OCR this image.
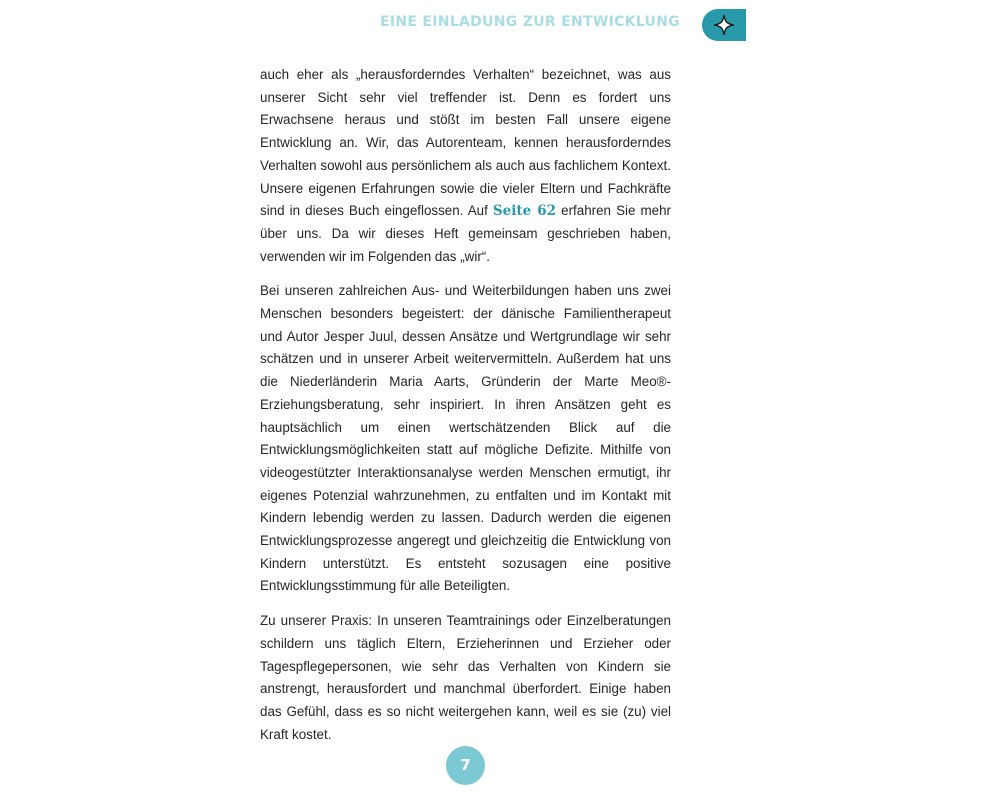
EINE EINLADUNG ZUR ENTWICKLUNG

auch eher als „herausforderndes Verhalten“ bezeichnet, was aus unserer Sicht sehr viel treffender ist. Denn es fordert uns Erwachsene heraus und stößt im besten Fall unsere eigene Entwicklung an. Wir, das Autorenteam, kennen herausforderndes Verhalten sowohl aus persönlichem als auch aus fachlichem Kontext. Unsere eigenen Erfahrungen sowie die vieler Eltern und Fachkräfte sind in dieses Buch eingeflossen. Auf Seite 62 erfahren Sie mehr über uns. Da wir dieses Heft gemeinsam geschrieben haben, verwenden wir im Folgenden das „wir“.

Bei unseren zahlreichen Aus- und Weiterbildungen haben uns zwei Menschen besonders begeistert: der dänische Familientherapeut und Autor Jesper Juul, dessen Ansätze und Wertgrundlage wir sehr schätzen und in unserer Arbeit weitervermitteln. Außerdem hat uns die Niederländerin Maria Aarts, Gründerin der Marte Meo®-Erziehungsberatung, sehr inspiriert. In ihren Ansätzen geht es hauptsächlich um einen wertschätzenden Blick auf die Entwicklungsmöglichkeiten statt auf mögliche Defizite. Mithilfe von videogestützter Interaktionsanalyse werden Menschen ermutigt, ihr eigenes Potenzial wahrzunehmen, zu entfalten und im Kontakt mit Kindern lebendig werden zu lassen. Dadurch werden die eigenen Entwicklungsprozesse angeregt und gleichzeitig die Entwicklung von Kindern unterstützt. Es entsteht sozusagen eine positive Entwicklungsstimmung für alle Beteiligten.

Zu unserer Praxis: In unseren Teamtrainings oder Einzelberatungen schildern uns täglich Eltern, Erzieherinnen und Erzieher oder Tagespflegepersonen, wie sehr das Verhalten von Kindern sie anstrengt, herausfordert und manchmal überfordert. Einige haben das Gefühl, dass es so nicht weitergehen kann, weil es sie (zu) viel Kraft kostet.

7
